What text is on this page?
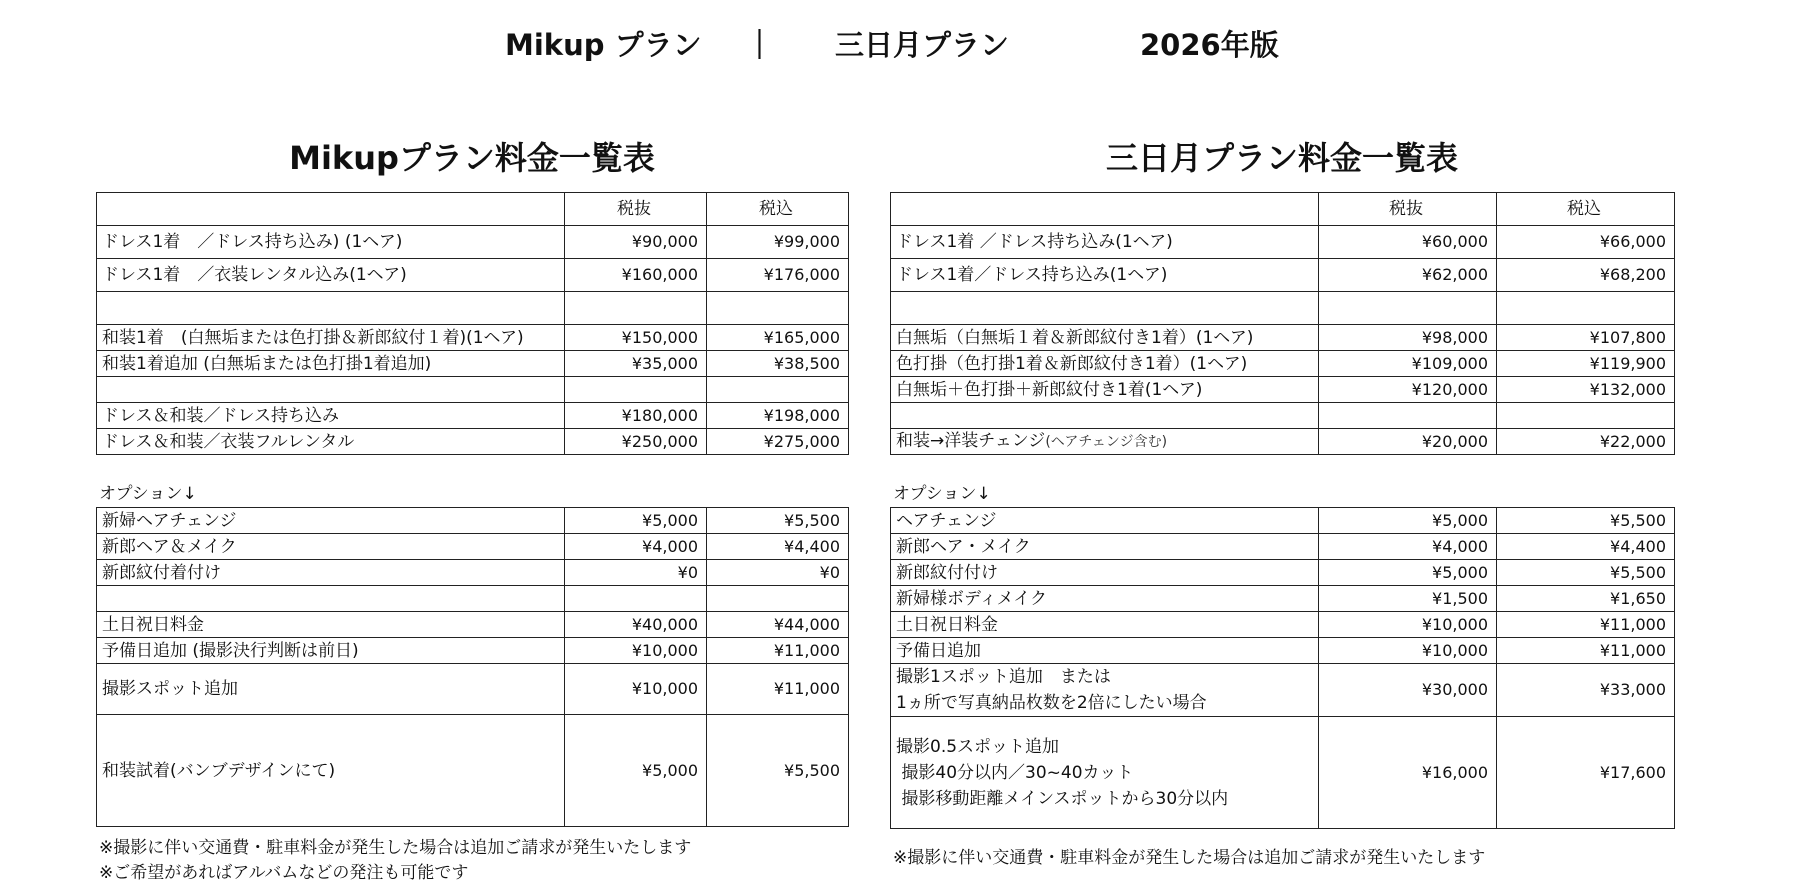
Mikup プラン

｜

三日月プラン

	2026年版

Mikupプラン料金一覧表	三日月プラン料金一覧表
	税抜	税込
ドレス1着　／ドレス持ち込み) (1ヘア)	¥90,000	¥99,000
ドレス1着　／衣装レンタル込み(1ヘア)	¥160,000	¥176,000

和装1着　(白無垢または色打掛＆新郎紋付１着)(1ヘア)	¥150,000	¥165,000
和装1着追加 (白無垢または色打掛1着追加)	¥35,000	¥38,500

ドレス＆和装／ドレス持ち込み	¥180,000	¥198,000
ドレス＆和装／衣装フルレンタル	¥250,000	¥275,000
オプション↓
新婦ヘアチェンジ	¥5,000	¥5,500
新郎ヘア＆メイク	¥4,000	¥4,400
新郎紋付着付け	¥0	¥0

土日祝日料金	¥40,000	¥44,000
予備日追加 (撮影決行判断は前日)	¥10,000	¥11,000
撮影スポット追加	¥10,000	¥11,000
和装試着(バンブデザインにて)	¥5,000	¥5,500
※撮影に伴い交通費・駐車料金が発生した場合は追加ご請求が発生いたします
※ご希望があればアルバムなどの発注も可能です
	税抜	税込
ドレス1着 ／ドレス持ち込み(1ヘア)	¥60,000	¥66,000
ドレス1着／ドレス持ち込み(1ヘア)	¥62,000	¥68,200

白無垢（白無垢１着＆新郎紋付き1着）(1ヘア)	¥98,000	¥107,800
色打掛（色打掛1着＆新郎紋付き1着）(1ヘア)	¥109,000	¥119,900
白無垢＋色打掛＋新郎紋付き1着(1ヘア)	¥120,000	¥132,000

和装→洋装チェンジ(ヘアチェンジ含む)	¥20,000	¥22,000
オプション↓
ヘアチェンジ	¥5,000	¥5,500
新郎ヘア・メイク	¥4,000	¥4,400
新郎紋付付け	¥5,000	¥5,500
新婦様ボディメイク	¥1,500	¥1,650
土日祝日料金	¥10,000	¥11,000
予備日追加	¥10,000	¥11,000
撮影1スポット追加　または
1ヵ所で写真納品枚数を2倍にしたい場合	¥30,000	¥33,000
撮影0.5スポット追加
撮影40分以内／30~40カット
撮影移動距離メインスポットから30分以内	¥16,000	¥17,600
※撮影に伴い交通費・駐車料金が発生した場合は追加ご請求が発生いたします
